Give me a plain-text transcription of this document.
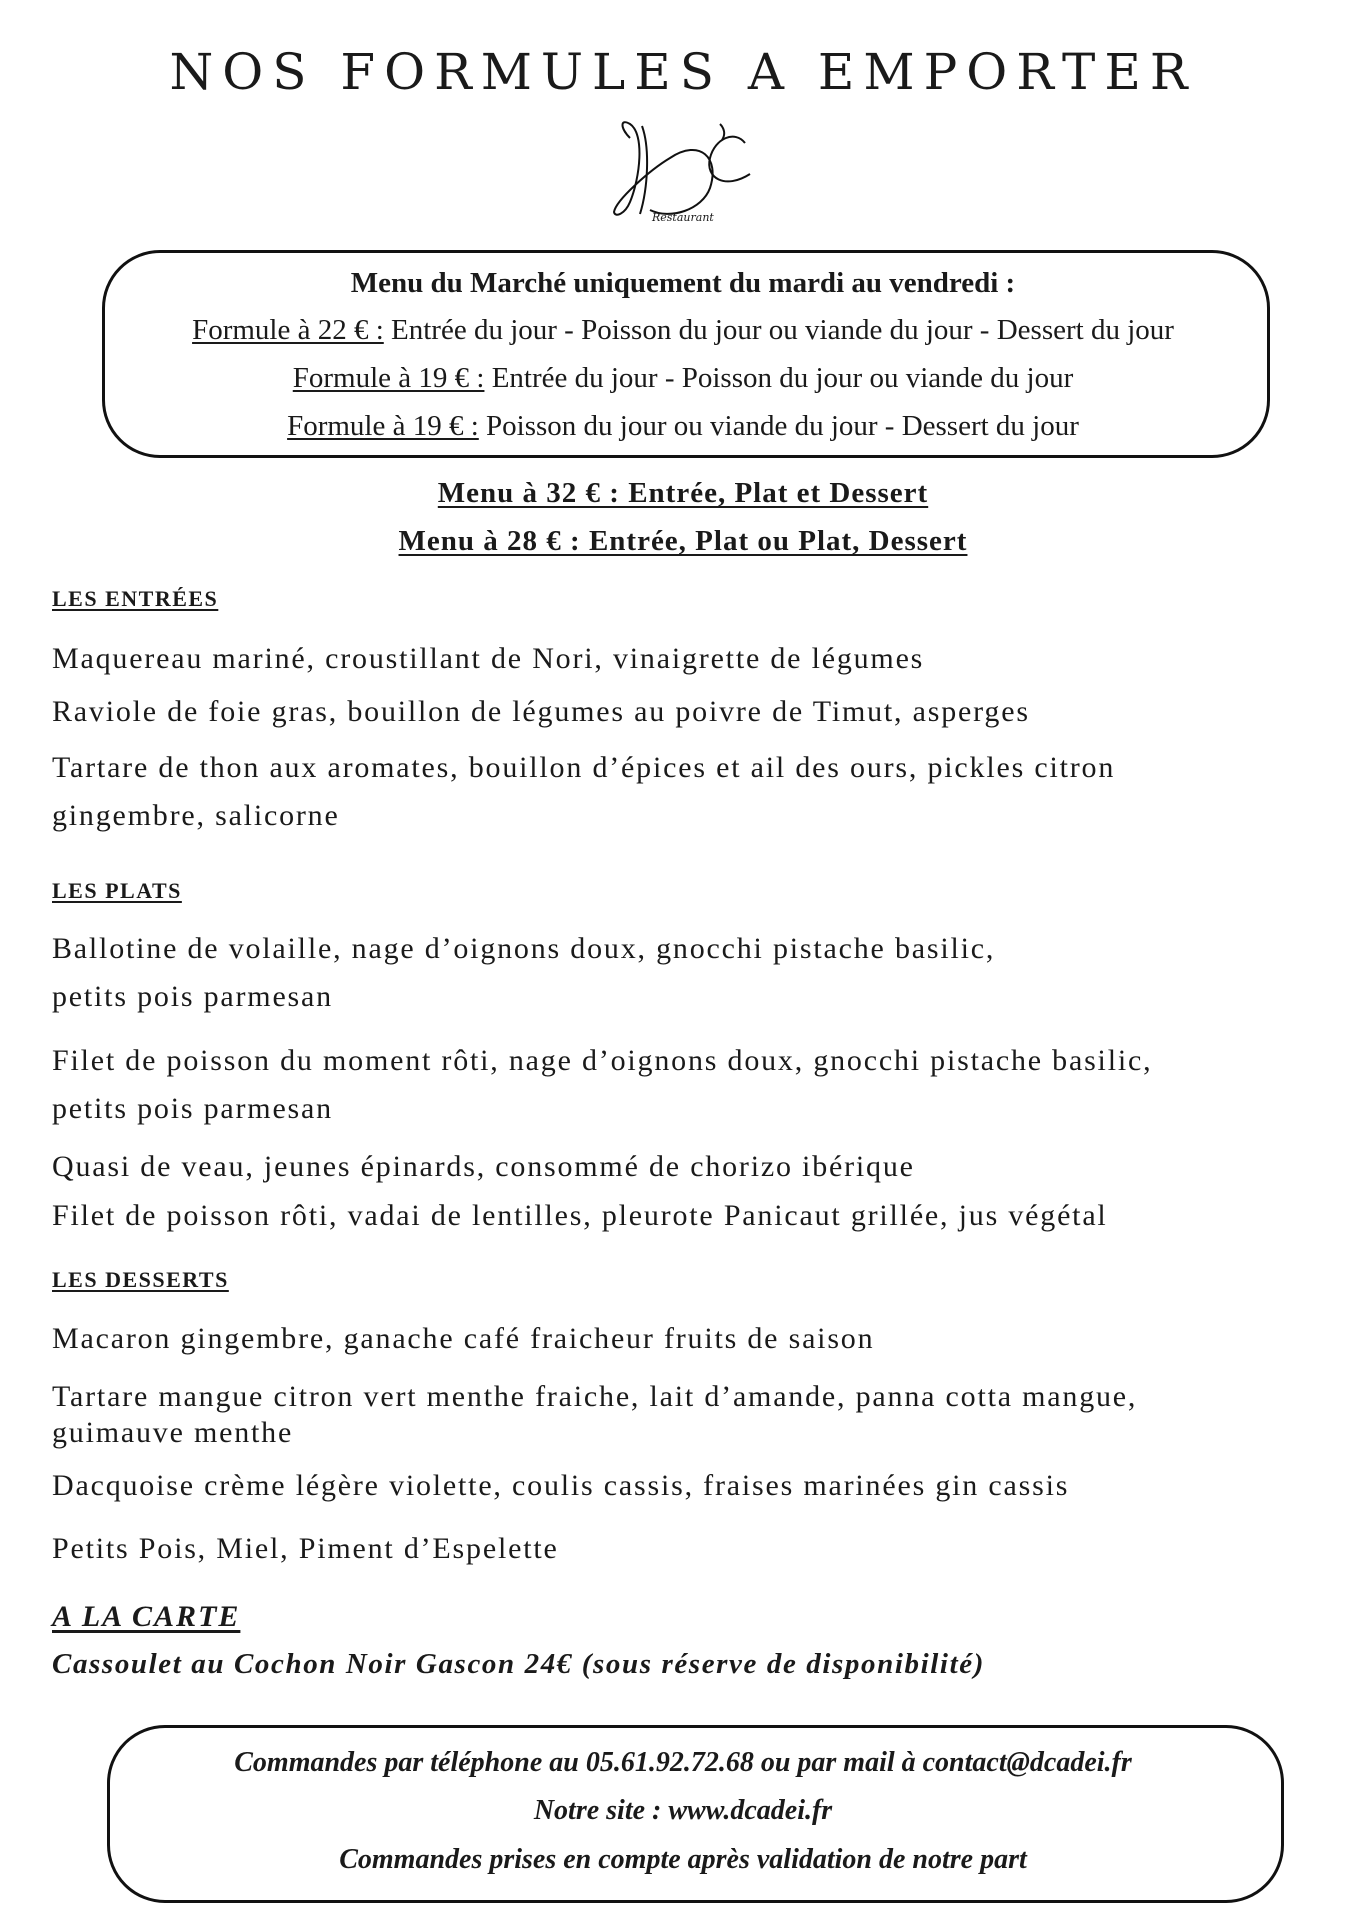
NOS FORMULES A EMPORTER
Restaurant
Menu du Marché uniquement du mardi au vendredi :
Formule à 22 € : Entrée du jour - Poisson du jour ou viande du jour - Dessert du jour
Formule à 19 € : Entrée du jour - Poisson du jour ou viande du jour
Formule à 19 € : Poisson du jour ou viande du jour - Dessert du jour
Menu à 32 € : Entrée, Plat et Dessert
Menu à 28 € : Entrée, Plat ou Plat, Dessert
LES ENTRÉES
Maquereau mariné, croustillant de Nori, vinaigrette de légumes
Raviole de foie gras, bouillon de légumes au poivre de Timut, asperges
Tartare de thon aux aromates, bouillon d’épices et ail des ours, pickles citron
gingembre, salicorne
LES PLATS
Ballotine de volaille, nage d’oignons doux, gnocchi pistache basilic,
petits pois parmesan
Filet de poisson du moment rôti, nage d’oignons doux, gnocchi pistache basilic,
petits pois parmesan
Quasi de veau, jeunes épinards, consommé de chorizo ibérique
Filet de poisson rôti, vadai de lentilles, pleurote Panicaut grillée, jus végétal
LES DESSERTS
Macaron gingembre, ganache café fraicheur fruits de saison
Tartare mangue citron vert menthe fraiche, lait d’amande, panna cotta mangue,
guimauve menthe
Dacquoise crème légère violette, coulis cassis, fraises marinées gin cassis
Petits Pois, Miel, Piment d’Espelette
A LA CARTE
Cassoulet au Cochon Noir Gascon 24€ (sous réserve de disponibilité)
Commandes par téléphone au 05.61.92.72.68 ou par mail à contact@dcadei.fr
Notre site : www.dcadei.fr
Commandes prises en compte après validation de notre part
